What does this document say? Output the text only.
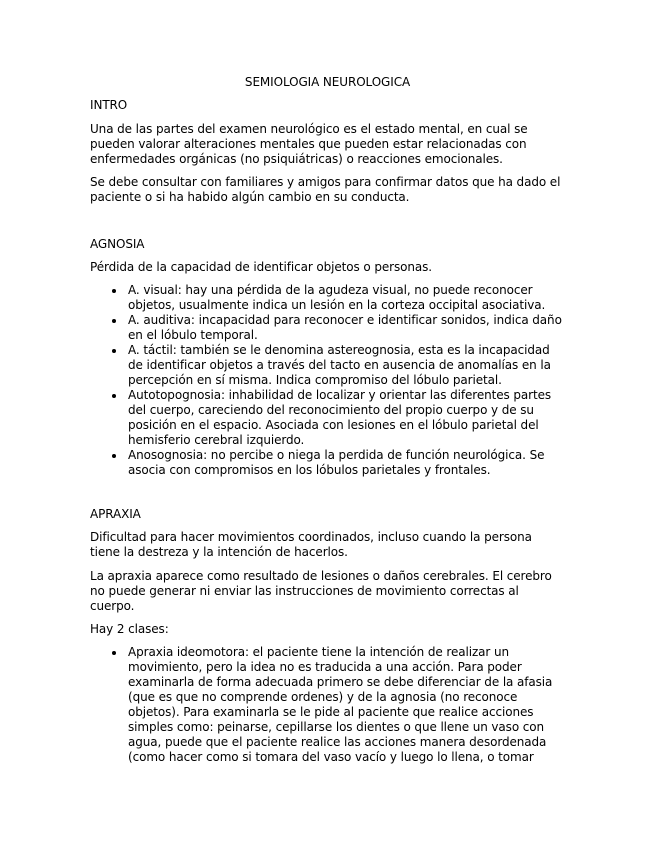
SEMIOLOGIA NEUROLOGICA

INTRO

Una de las partes del examen neurológico es el estado mental, en cual se pueden valorar alteraciones mentales que pueden estar relacionadas con enfermedades orgánicas (no psiquiátricas) o reacciones emocionales.

Se debe consultar con familiares y amigos para confirmar datos que ha dado el paciente o si ha habido algún cambio en su conducta.

AGNOSIA

Pérdida de la capacidad de identificar objetos o personas.

A. visual: hay una pérdida de la agudeza visual, no puede reconocer objetos, usualmente indica un lesión en la corteza occipital asociativa.
A. auditiva: incapacidad para reconocer e identificar sonidos, indica daño en el lóbulo temporal.
A. táctil: también se le denomina astereognosia, esta es la incapacidad de identificar objetos a través del tacto en ausencia de anomalías en la percepción en sí misma. Indica compromiso del lóbulo parietal.
Autotopognosia: inhabilidad de localizar y orientar las diferentes partes del cuerpo, careciendo del reconocimiento del propio cuerpo y de su posición en el espacio. Asociada con lesiones en el lóbulo parietal del hemisferio cerebral izquierdo.
Anosognosia: no percibe o niega la perdida de función neurológica. Se asocia con compromisos en los lóbulos parietales y frontales.

APRAXIA

Dificultad para hacer movimientos coordinados, incluso cuando la persona tiene la destreza y la intención de hacerlos.

La apraxia aparece como resultado de lesiones o daños cerebrales. El cerebro no puede generar ni enviar las instrucciones de movimiento correctas al cuerpo.

Hay 2 clases:

Apraxia ideomotora: el paciente tiene la intención de realizar un movimiento, pero la idea no es traducida a una acción. Para poder examinarla de forma adecuada primero se debe diferenciar de la afasia (que es que no comprende ordenes) y de la agnosia (no reconoce objetos). Para examinarla se le pide al paciente que realice acciones simples como: peinarse, cepillarse los dientes o que llene un vaso con agua, puede que el paciente realice las acciones manera desordenada (como hacer como si tomara del vaso vacío y luego lo llena, o tomar
